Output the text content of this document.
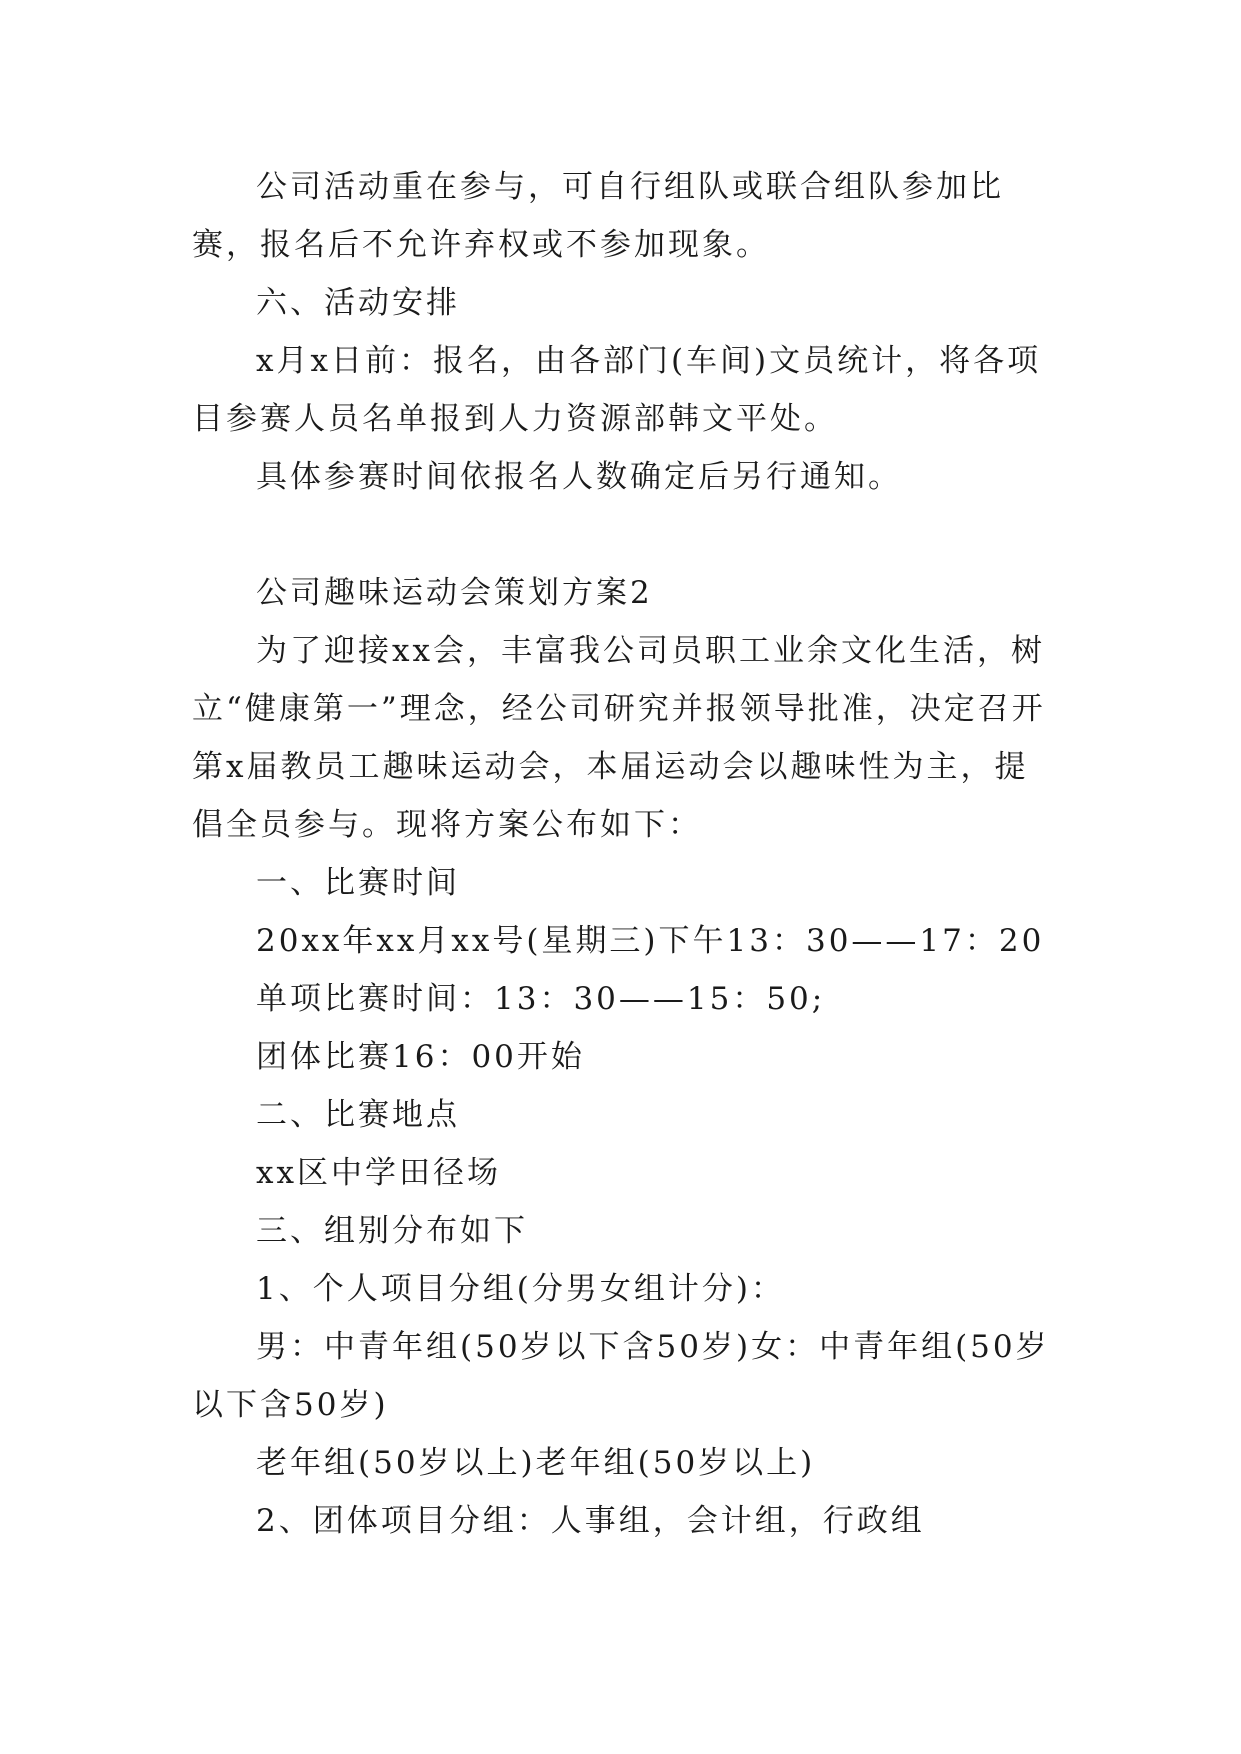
公司活动重在参与，可自行组队或联合组队参加比赛，报名后不允许弃权或不参加现象。

六、活动安排

x月x日前：报名，由各部门(车间)文员统计，将各项目参赛人员名单报到人力资源部韩文平处。

具体参赛时间依报名人数确定后另行通知。

公司趣味运动会策划方案2

为了迎接xx会，丰富我公司员职工业余文化生活，树立“健康第一”理念，经公司研究并报领导批准，决定召开第x届教员工趣味运动会，本届运动会以趣味性为主，提倡全员参与。现将方案公布如下：

一、比赛时间

20xx年xx月xx号(星期三)下午13：30——17：20

单项比赛时间：13：30——15：50;

团体比赛16：00开始

二、比赛地点

xx区中学田径场

三、组别分布如下

1、个人项目分组(分男女组计分)：

男：中青年组(50岁以下含50岁)女：中青年组(50岁以下含50岁)

老年组(50岁以上)老年组(50岁以上)

2、团体项目分组：人事组，会计组，行政组
